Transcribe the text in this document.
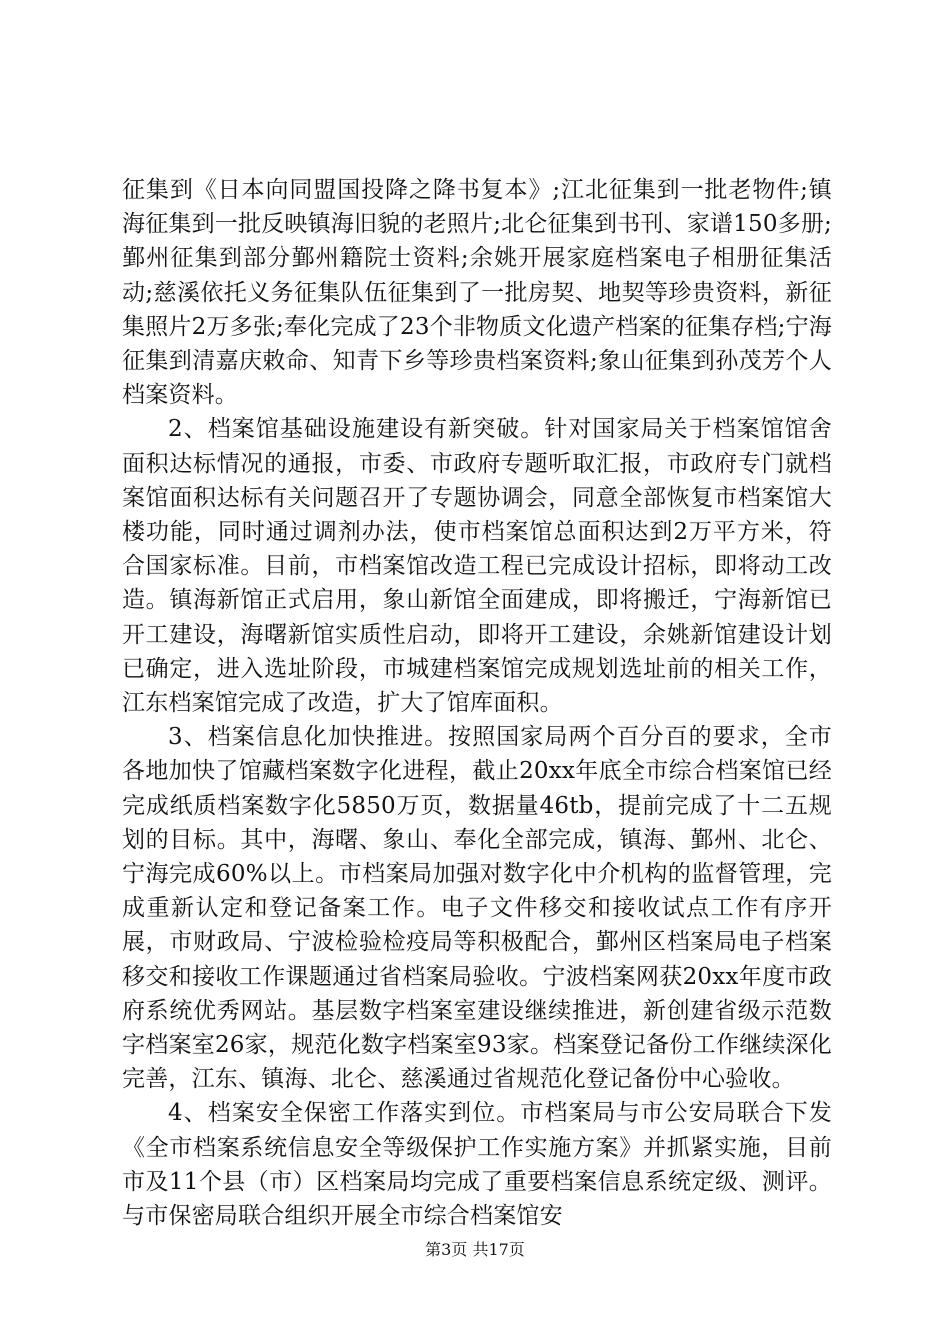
征集到《日本向同盟国投降之降书复本》;江北征集到一批老物件;镇海征集到一批反映镇海旧貌的老照片;北仑征集到书刊、家谱150多册;鄞州征集到部分鄞州籍院士资料;余姚开展家庭档案电子相册征集活动;慈溪依托义务征集队伍征集到了一批房契、地契等珍贵资料，新征集照片2万多张;奉化完成了23个非物质文化遗产档案的征集存档;宁海征集到清嘉庆敕命、知青下乡等珍贵档案资料;象山征集到孙茂芳个人档案资料。

2、档案馆基础设施建设有新突破。针对国家局关于档案馆馆舍面积达标情况的通报，市委、市政府专题听取汇报，市政府专门就档案馆面积达标有关问题召开了专题协调会，同意全部恢复市档案馆大楼功能，同时通过调剂办法，使市档案馆总面积达到2万平方米，符合国家标准。目前，市档案馆改造工程已完成设计招标，即将动工改造。镇海新馆正式启用，象山新馆全面建成，即将搬迁，宁海新馆已开工建设，海曙新馆实质性启动，即将开工建设，余姚新馆建设计划已确定，进入选址阶段，市城建档案馆完成规划选址前的相关工作，江东档案馆完成了改造，扩大了馆库面积。

3、档案信息化加快推进。按照国家局两个百分百的要求，全市各地加快了馆藏档案数字化进程，截止20xx年底全市综合档案馆已经完成纸质档案数字化5850万页，数据量46tb，提前完成了十二五规划的目标。其中，海曙、象山、奉化全部完成，镇海、鄞州、北仑、宁海完成60%以上。市档案局加强对数字化中介机构的监督管理，完成重新认定和登记备案工作。电子文件移交和接收试点工作有序开展，市财政局、宁波检验检疫局等积极配合，鄞州区档案局电子档案移交和接收工作课题通过省档案局验收。宁波档案网获20xx年度市政府系统优秀网站。基层数字档案室建设继续推进，新创建省级示范数字档案室26家，规范化数字档案室93家。档案登记备份工作继续深化完善，江东、镇海、北仑、慈溪通过省规范化登记备份中心验收。

4、档案安全保密工作落实到位。市档案局与市公安局联合下发《全市档案系统信息安全等级保护工作实施方案》并抓紧实施，目前市及11个县（市）区档案局均完成了重要档案信息系统定级、测评。与市保密局联合组织开展全市综合档案馆安

第3页 共17页
